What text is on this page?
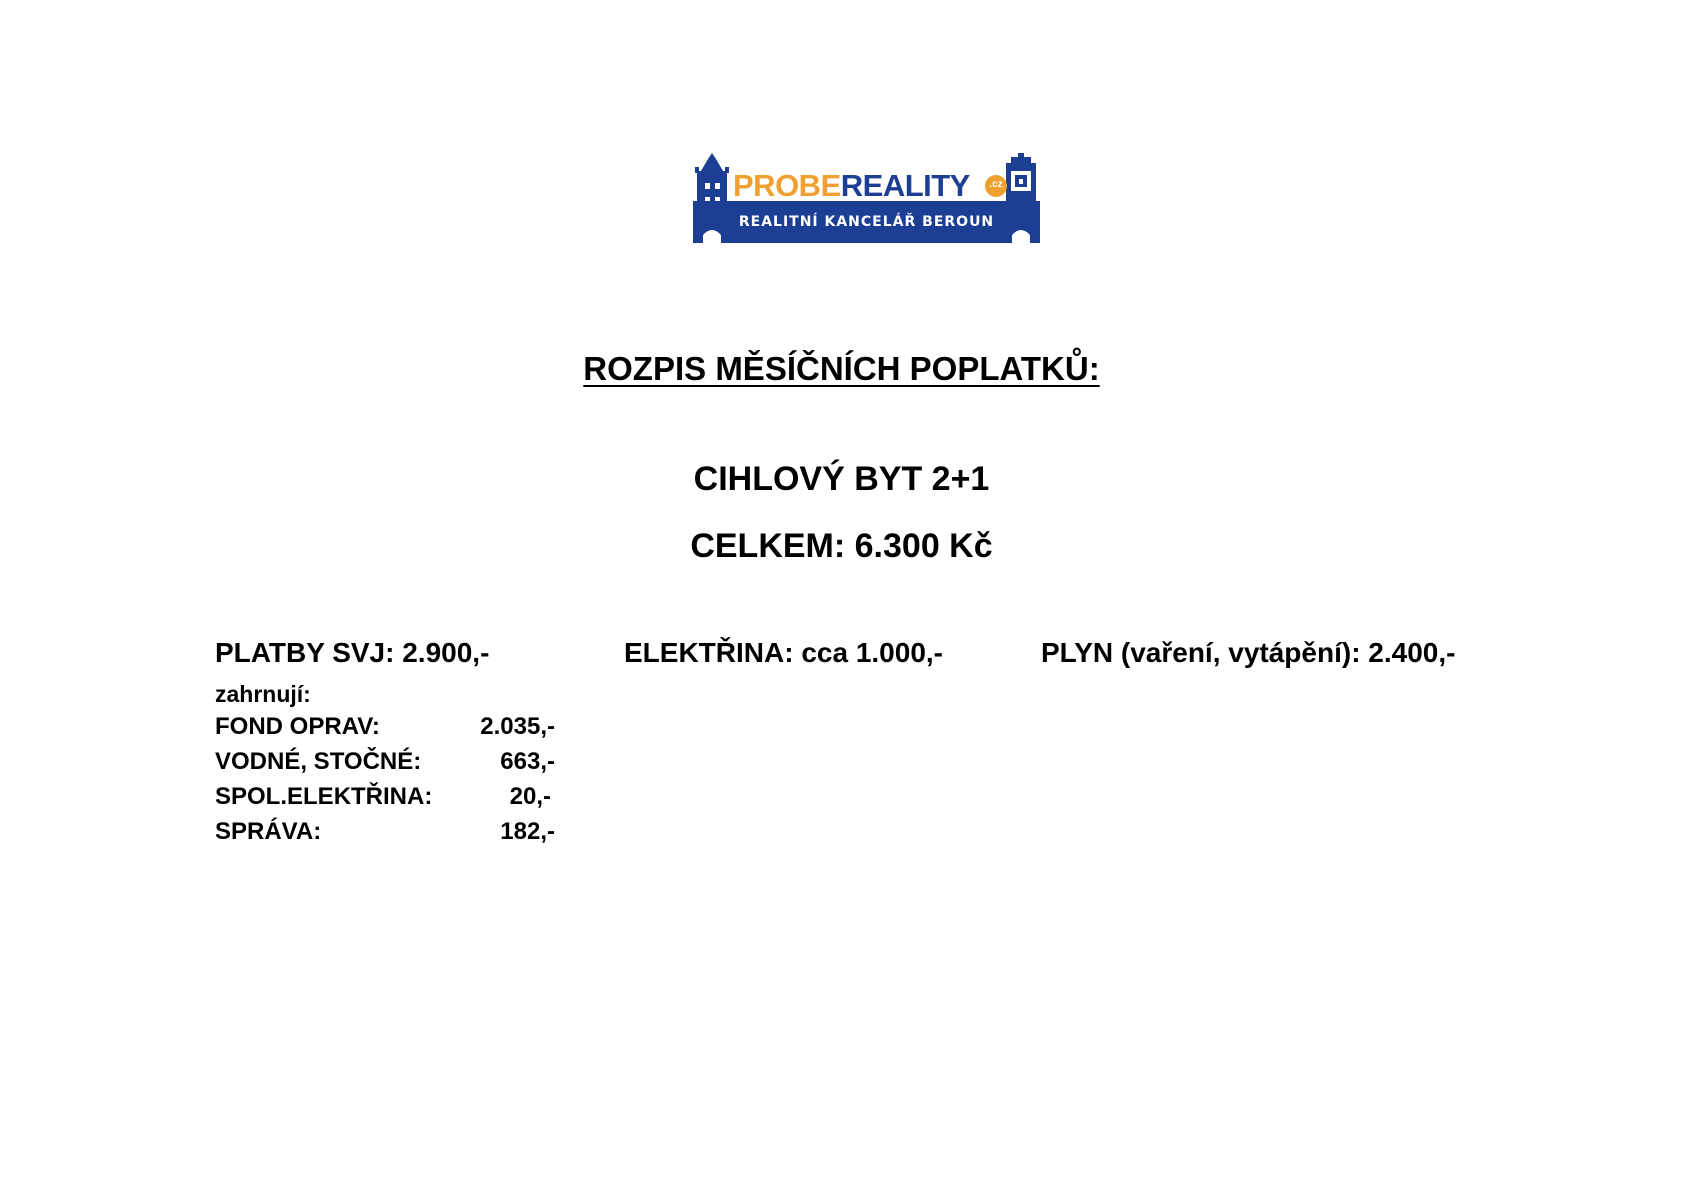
PROBEREALITY	.cz
REALITNÍ KANCELÁŘ BEROUN
ROZPIS MĚSÍČNÍCH POPLATKŮ:
CIHLOVÝ BYT 2+1
CELKEM: 6.300 Kč
PLATBY SVJ: 2.900,-	ELEKTŘINA: cca 1.000,-	PLYN (vaření, vytápění): 2.400,-
zahrnují:
FOND OPRAV:	2.035,-
VODNÉ, STOČNÉ:	663,-
SPOL.ELEKTŘINA:	20,-
SPRÁVA:	182,-
